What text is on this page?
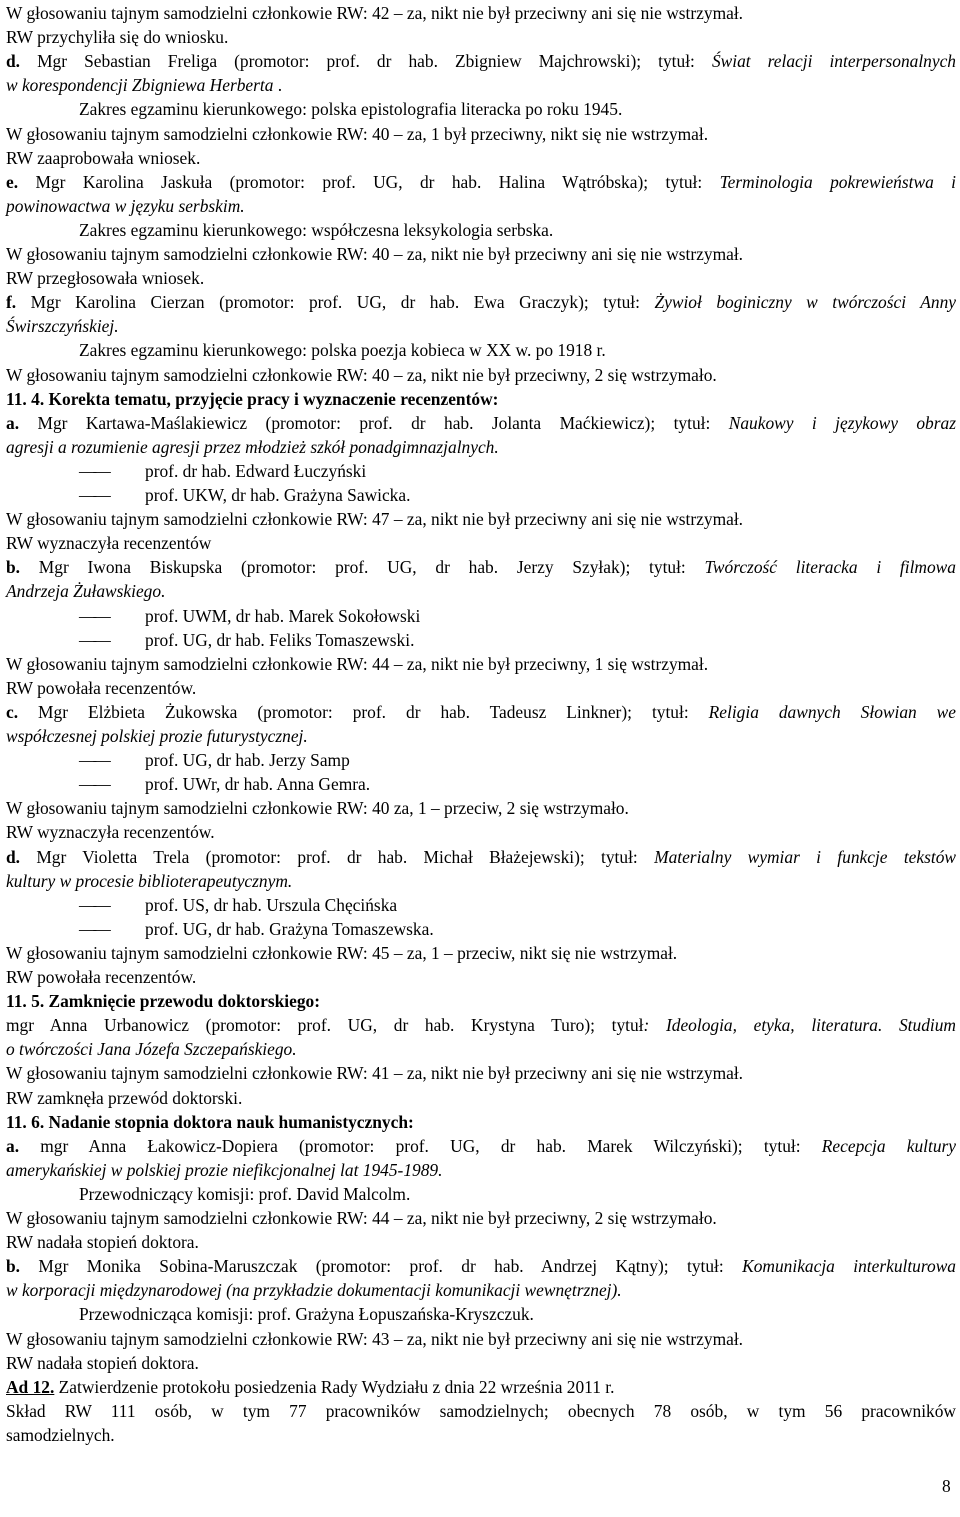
W głosowaniu tajnym samodzielni członkowie RW: 42 – za, nikt nie był przeciwny ani się nie wstrzymał.
RW przychyliła się do wniosku.
d. Mgr Sebastian Freliga (promotor: prof. dr hab. Zbigniew Majchrowski); tytuł: Świat relacji interpersonalnych
w korespondencji Zbigniewa Herberta .
Zakres egzaminu kierunkowego: polska epistolografia literacka po roku 1945.
W głosowaniu tajnym samodzielni członkowie RW: 40 – za, 1 był przeciwny, nikt się nie wstrzymał.
RW zaaprobowała wniosek.
e. Mgr Karolina Jaskuła (promotor: prof. UG, dr hab. Halina Wątróbska); tytuł: Terminologia pokrewieństwa i
powinowactwa w języku serbskim.
Zakres egzaminu kierunkowego: współczesna leksykologia serbska.
W głosowaniu tajnym samodzielni członkowie RW: 40 – za, nikt nie był przeciwny ani się nie wstrzymał.
RW przegłosowała wniosek.
f. Mgr Karolina Cierzan (promotor: prof. UG, dr hab. Ewa Graczyk); tytuł: Żywioł boginiczny w twórczości Anny
Świrszczyńskiej.
Zakres egzaminu kierunkowego: polska poezja kobieca w XX w. po 1918 r.
W głosowaniu tajnym samodzielni członkowie RW: 40 – za, nikt nie był przeciwny, 2 się wstrzymało.
11. 4. Korekta tematu, przyjęcie pracy i wyznaczenie recenzentów:
a. Mgr Kartawa-Maślakiewicz (promotor: prof. dr hab. Jolanta Maćkiewicz); tytuł: Naukowy i językowy obraz
agresji a rozumienie agresji przez młodzież szkół ponadgimnazjalnych.
——prof. dr hab. Edward Łuczyński
——prof. UKW, dr hab. Grażyna Sawicka.
W głosowaniu tajnym samodzielni członkowie RW: 47 – za, nikt nie był przeciwny ani się nie wstrzymał.
RW wyznaczyła recenzentów
b. Mgr Iwona Biskupska (promotor: prof. UG, dr hab. Jerzy Szyłak); tytuł: Twórczość literacka i filmowa
Andrzeja Żuławskiego.
——prof. UWM, dr hab. Marek Sokołowski
——prof. UG, dr hab. Feliks Tomaszewski.
W głosowaniu tajnym samodzielni członkowie RW: 44 – za, nikt nie był przeciwny, 1 się wstrzymał.
RW powołała recenzentów.
c. Mgr Elżbieta Żukowska (promotor: prof. dr hab. Tadeusz Linkner); tytuł: Religia dawnych Słowian we
współczesnej polskiej prozie futurystycznej.
——prof. UG, dr hab. Jerzy Samp
——prof. UWr, dr hab. Anna Gemra.
W głosowaniu tajnym samodzielni członkowie RW: 40 za, 1 – przeciw, 2 się wstrzymało.
RW wyznaczyła recenzentów.
d. Mgr Violetta Trela (promotor: prof. dr hab. Michał Błażejewski); tytuł: Materialny wymiar i funkcje tekstów
kultury w procesie biblioterapeutycznym.
——prof. US, dr hab. Urszula Chęcińska
——prof. UG, dr hab. Grażyna Tomaszewska.
W głosowaniu tajnym samodzielni członkowie RW: 45 – za, 1 – przeciw, nikt się nie wstrzymał.
RW powołała recenzentów.
11. 5. Zamknięcie przewodu doktorskiego:
mgr Anna Urbanowicz (promotor: prof. UG, dr hab. Krystyna Turo); tytuł: Ideologia, etyka, literatura. Studium
o twórczości Jana Józefa Szczepańskiego.
W głosowaniu tajnym samodzielni członkowie RW: 41 – za, nikt nie był przeciwny ani się nie wstrzymał.
RW zamknęła przewód doktorski.
11. 6. Nadanie stopnia doktora nauk humanistycznych:
a. mgr Anna Łakowicz-Dopiera (promotor: prof. UG, dr hab. Marek Wilczyński); tytuł: Recepcja kultury
amerykańskiej w polskiej prozie niefikcjonalnej lat 1945-1989.
Przewodniczący komisji: prof. David Malcolm.
W głosowaniu tajnym samodzielni członkowie RW: 44 – za, nikt nie był przeciwny, 2 się wstrzymało.
RW nadała stopień doktora.
b. Mgr Monika Sobina-Maruszczak (promotor: prof. dr hab. Andrzej Kątny); tytuł: Komunikacja interkulturowa
w korporacji międzynarodowej (na przykładzie dokumentacji komunikacji wewnętrznej).
Przewodnicząca komisji: prof. Grażyna Łopuszańska-Kryszczuk.
W głosowaniu tajnym samodzielni członkowie RW: 43 – za, nikt nie był przeciwny ani się nie wstrzymał.
RW nadała stopień doktora.
Ad 12. Zatwierdzenie protokołu posiedzenia Rady Wydziału z dnia 22 września 2011 r.
Skład RW 111 osób, w tym 77 pracowników samodzielnych; obecnych 78 osób, w tym 56 pracowników
samodzielnych.
8
